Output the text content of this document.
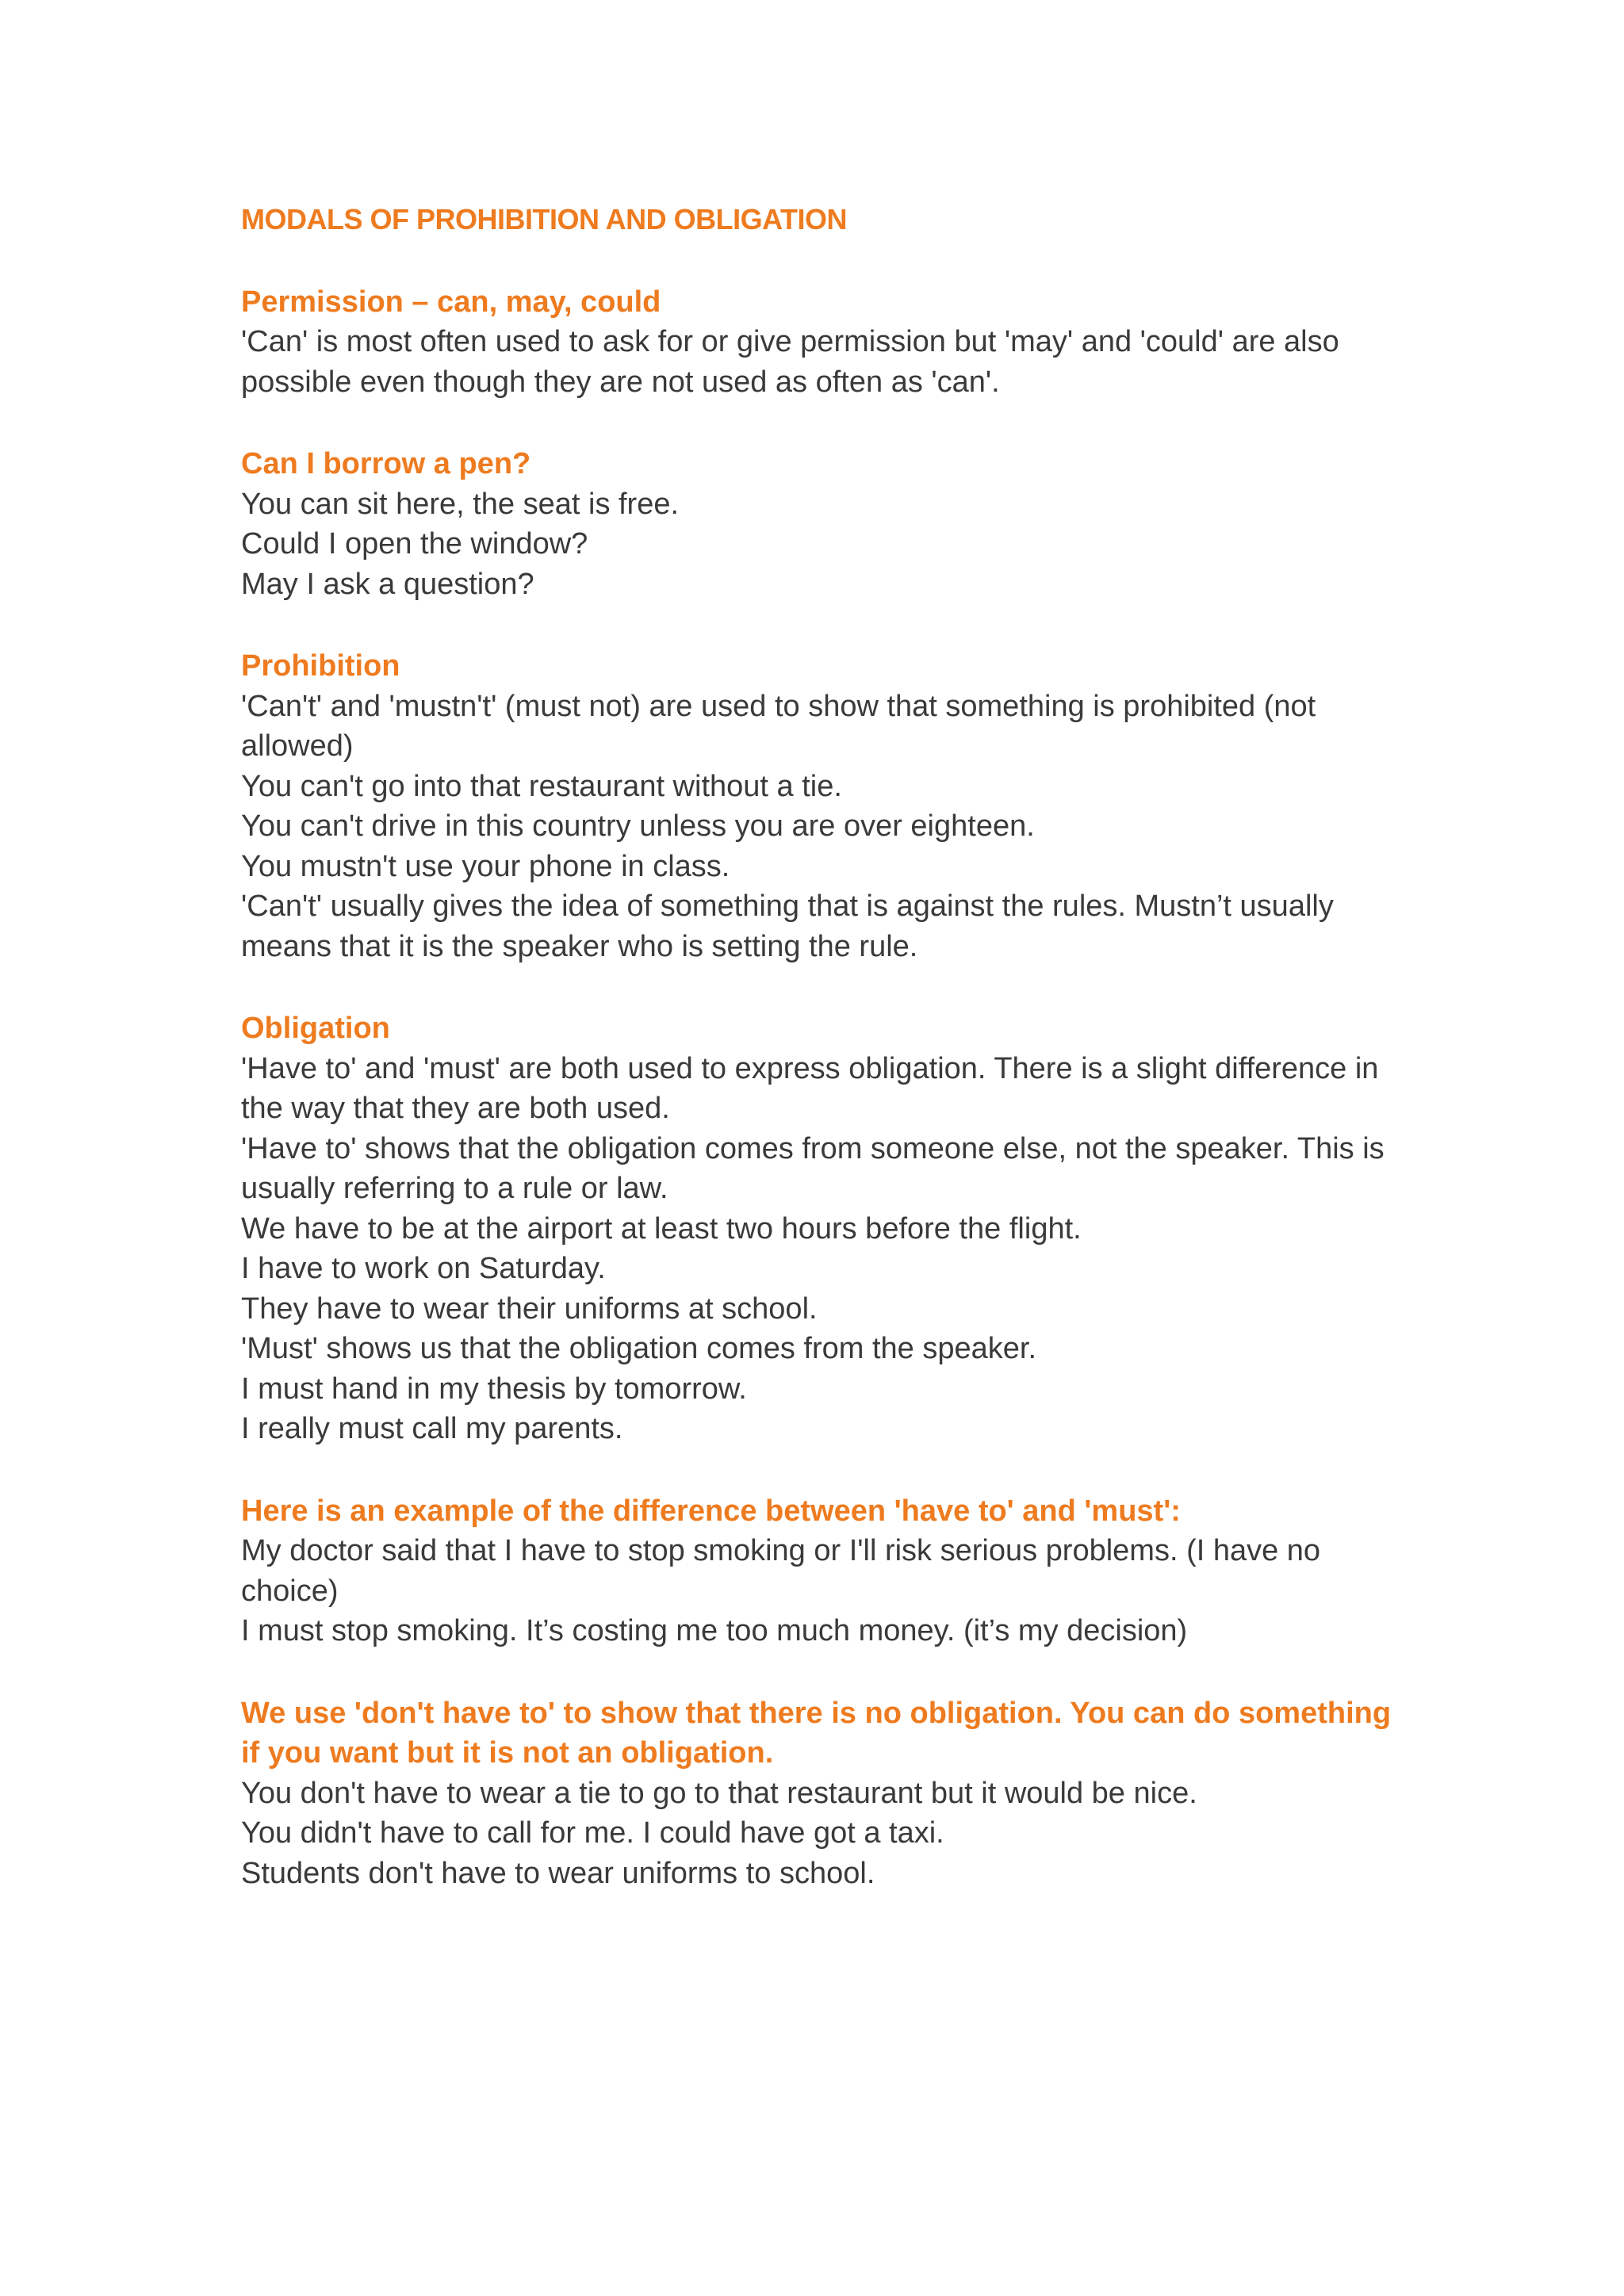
MODALS OF PROHIBITION AND OBLIGATION

Permission – can, may, could

'Can' is most often used to ask for or give permission but 'may' and 'could' are also possible even though they are not used as often as 'can'.

Can I borrow a pen?

You can sit here, the seat is free.

Could I open the window?

May I ask a question?

Prohibition

'Can't' and 'mustn't' (must not) are used to show that something is prohibited (not allowed)

You can't go into that restaurant without a tie.

You can't drive in this country unless you are over eighteen.

You mustn't use your phone in class.

'Can't' usually gives the idea of something that is against the rules. Mustn’t usually means that it is the speaker who is setting the rule.

Obligation

'Have to' and 'must' are both used to express obligation. There is a slight difference in the way that they are both used.

'Have to' shows that the obligation comes from someone else, not the speaker. This is usually referring to a rule or law.

We have to be at the airport at least two hours before the flight.

I have to work on Saturday.

They have to wear their uniforms at school.

'Must' shows us that the obligation comes from the speaker.

I must hand in my thesis by tomorrow.

I really must call my parents.

Here is an example of the difference between 'have to' and 'must':

My doctor said that I have to stop smoking or I'll risk serious problems. (I have no choice)

I must stop smoking. It’s costing me too much money. (it’s my decision)

We use 'don't have to' to show that there is no obligation. You can do something if you want but it is not an obligation.

You don't have to wear a tie to go to that restaurant but it would be nice.

You didn't have to call for me. I could have got a taxi.

Students don't have to wear uniforms to school.
